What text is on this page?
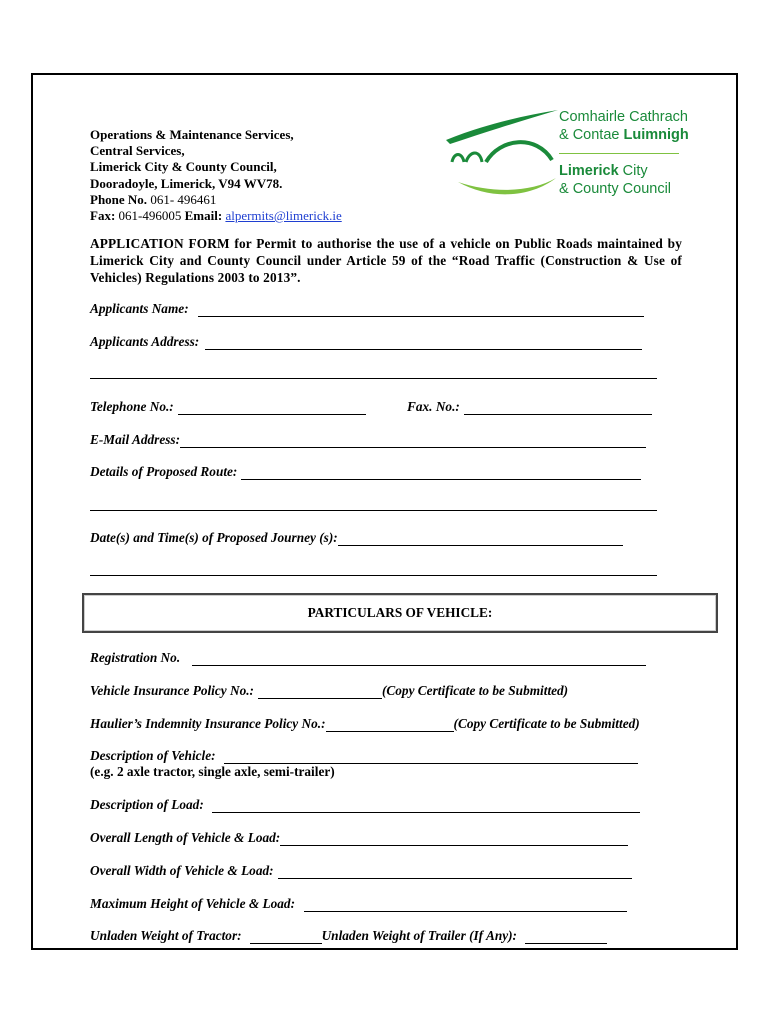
Operations & Maintenance Services,
Central Services,
Limerick City & County Council,
Dooradoyle, Limerick, V94 WV78.
Phone No. 061- 496461
Fax: 061-496005 Email: alpermits@limerick.ie
Comhairle Cathrach
& Contae Luimnigh
Limerick City
& County Council
APPLICATION FORM for Permit to authorise the use of a vehicle on Public Roads maintained by Limerick City and County Council under Article 59 of the “Road Traffic (Construction & Use of Vehicles) Regulations 2003 to 2013”.
Applicants Name:
Applicants Address:
Telephone No.:	Fax. No.:
E-Mail Address:
Details of Proposed Route:
Date(s) and Time(s) of Proposed Journey (s):
PARTICULARS OF VEHICLE:
Registration No.
Vehicle Insurance Policy No.:	(Copy Certificate to be Submitted)
Haulier’s Indemnity Insurance Policy No.:	(Copy Certificate to be Submitted)
Description of Vehicle:
(e.g. 2 axle tractor, single axle, semi-trailer)
Description of Load:
Overall Length of Vehicle & Load:
Overall Width of Vehicle & Load:
Maximum Height of Vehicle & Load:
Unladen Weight of Tractor:	Unladen Weight of Trailer (If Any):
